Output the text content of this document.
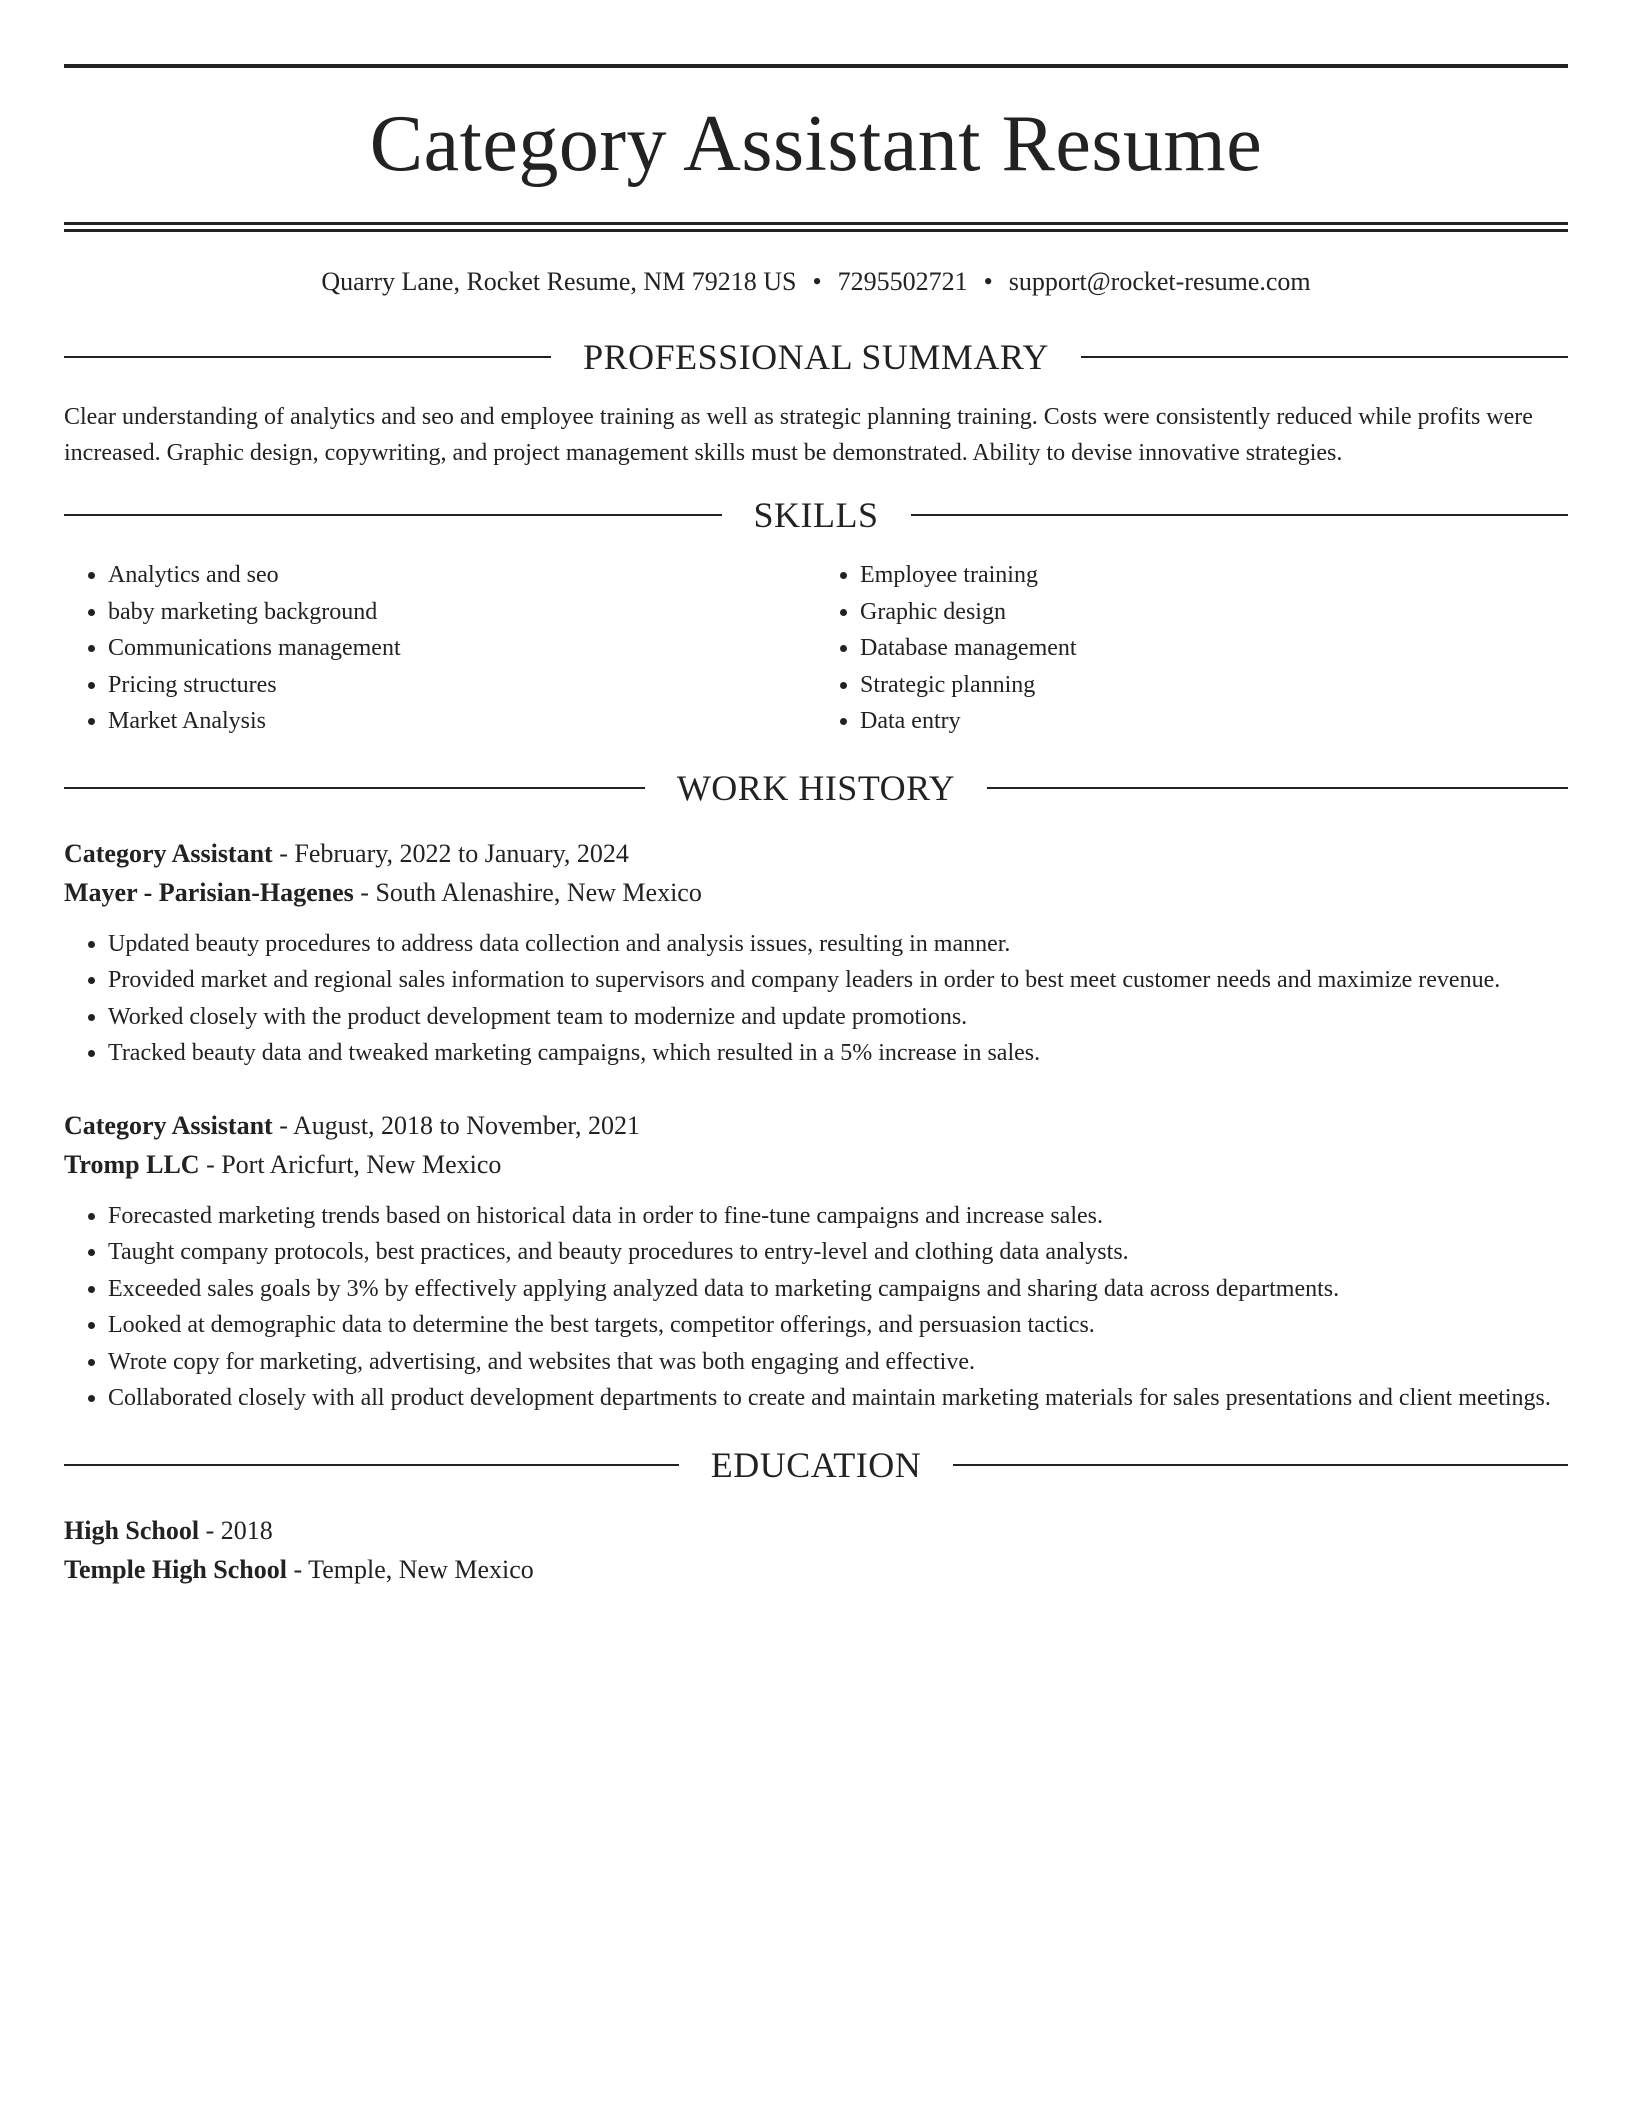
Category Assistant Resume
Quarry Lane, Rocket Resume, NM 79218 US • 7295502721 • support@rocket-resume.com
PROFESSIONAL SUMMARY
Clear understanding of analytics and seo and employee training as well as strategic planning training. Costs were consistently reduced while profits were increased. Graphic design, copywriting, and project management skills must be demonstrated. Ability to devise innovative strategies.
SKILLS
• Analytics and seo
• baby marketing background
• Communications management
• Pricing structures
• Market Analysis
• Employee training
• Graphic design
• Database management
• Strategic planning
• Data entry
WORK HISTORY
Category Assistant - February, 2022 to January, 2024
Mayer - Parisian-Hagenes - South Alenashire, New Mexico
• Updated beauty procedures to address data collection and analysis issues, resulting in manner.
• Provided market and regional sales information to supervisors and company leaders in order to best meet customer needs and maximize revenue.
• Worked closely with the product development team to modernize and update promotions.
• Tracked beauty data and tweaked marketing campaigns, which resulted in a 5% increase in sales.
Category Assistant - August, 2018 to November, 2021
Tromp LLC - Port Aricfurt, New Mexico
• Forecasted marketing trends based on historical data in order to fine-tune campaigns and increase sales.
• Taught company protocols, best practices, and beauty procedures to entry-level and clothing data analysts.
• Exceeded sales goals by 3% by effectively applying analyzed data to marketing campaigns and sharing data across departments.
• Looked at demographic data to determine the best targets, competitor offerings, and persuasion tactics.
• Wrote copy for marketing, advertising, and websites that was both engaging and effective.
• Collaborated closely with all product development departments to create and maintain marketing materials for sales presentations and client meetings.
EDUCATION
High School - 2018
Temple High School - Temple, New Mexico
